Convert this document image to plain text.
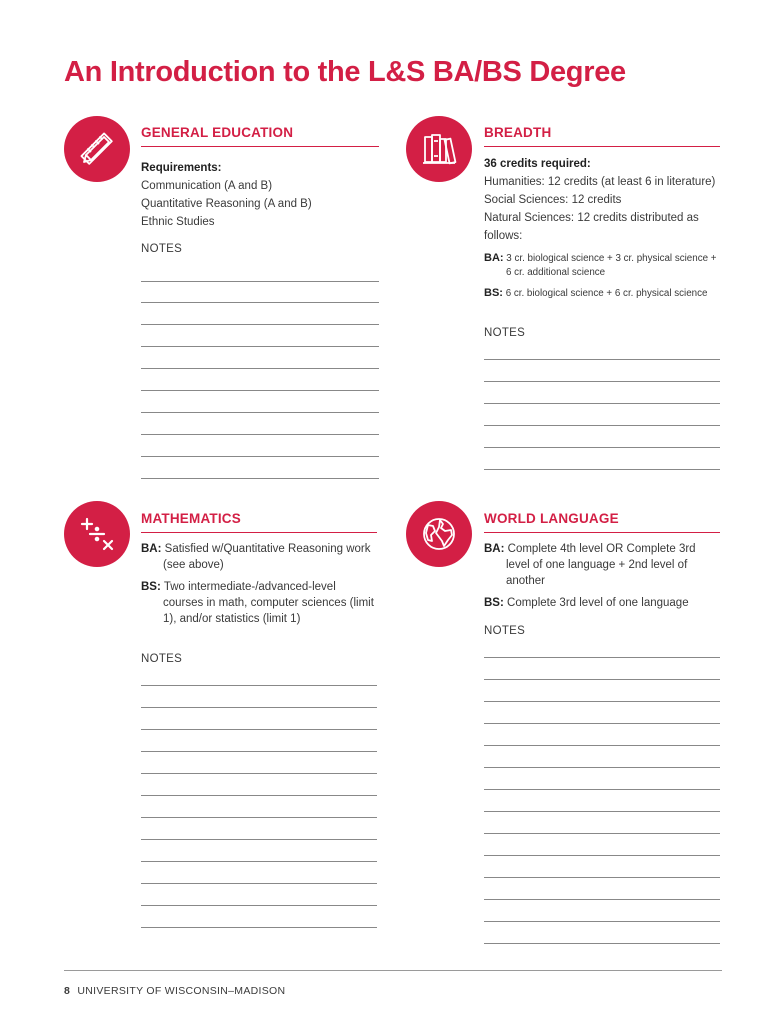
An Introduction to the L&S BA/BS Degree
GENERAL EDUCATION
Requirements:
Communication (A and B)
Quantitative Reasoning (A and B)
Ethnic Studies
NOTES
BREADTH
36 credits required:
Humanities: 12 credits (at least 6 in literature)
Social Sciences: 12 credits
Natural Sciences: 12 credits distributed as follows:
BA: 3 cr. biological science + 3 cr. physical science + 6 cr. additional science
BS: 6 cr. biological science + 6 cr. physical science
NOTES
MATHEMATICS
BA: Satisfied w/Quantitative Reasoning work (see above)
BS: Two intermediate-/advanced-level courses in math, computer sciences (limit 1), and/or statistics (limit 1)
NOTES
WORLD LANGUAGE
BA: Complete 4th level OR Complete 3rd level of one language + 2nd level of another
BS: Complete 3rd level of one language
NOTES
8 UNIVERSITY OF WISCONSIN–MADISON
